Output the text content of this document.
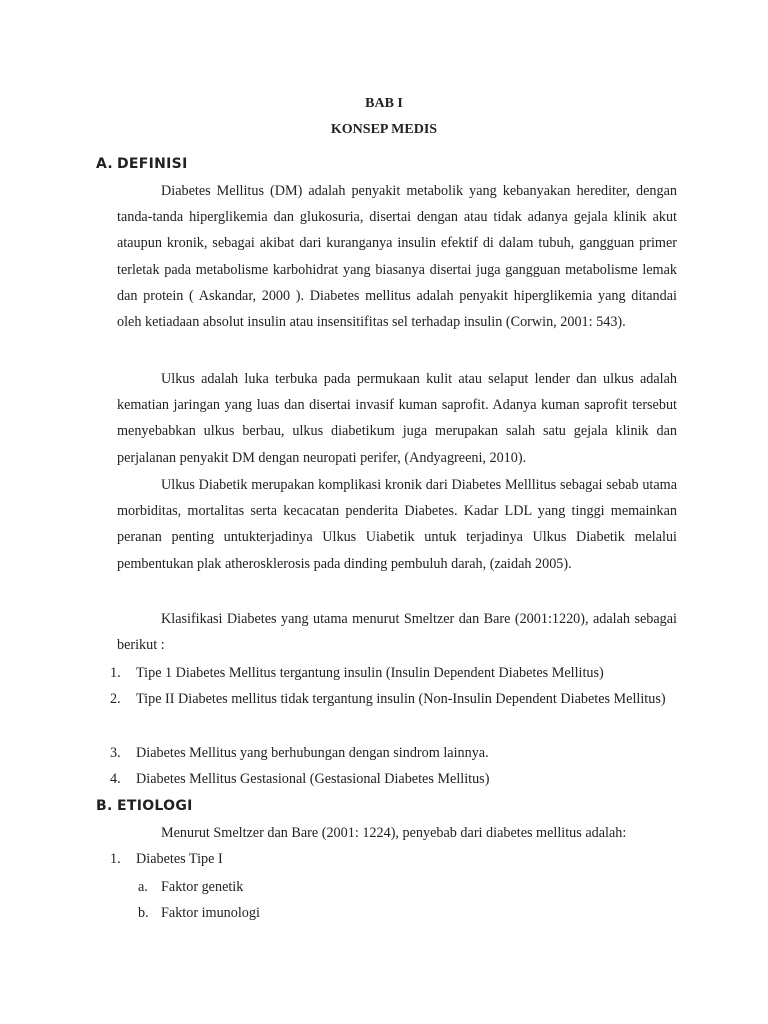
BAB I
KONSEP MEDIS
A. DEFINISI

Diabetes Mellitus (DM) adalah penyakit metabolik yang kebanyakan herediter, dengan tanda-tanda hiperglikemia dan glukosuria, disertai dengan atau tidak adanya gejala klinik akut ataupun kronik, sebagai akibat dari kuranganya insulin efektif di dalam tubuh, gangguan primer terletak pada metabolisme karbohidrat yang biasanya disertai juga gangguan metabolisme lemak dan protein ( Askandar, 2000 ). Diabetes mellitus adalah penyakit hiperglikemia yang ditandai oleh ketiadaan absolut insulin atau insensitifitas sel terhadap insulin (Corwin, 2001: 543).

Ulkus adalah luka terbuka pada permukaan kulit atau selaput lender dan ulkus adalah kematian jaringan yang luas dan disertai invasif kuman saprofit. Adanya kuman saprofit tersebut menyebabkan ulkus berbau, ulkus diabetikum juga merupakan salah satu gejala klinik dan perjalanan penyakit DM dengan neuropati perifer, (Andyagreeni, 2010).

Ulkus Diabetik merupakan komplikasi kronik dari Diabetes Melllitus sebagai sebab utama morbiditas, mortalitas serta kecacatan penderita Diabetes. Kadar LDL yang tinggi memainkan peranan penting untukterjadinya Ulkus Uiabetik untuk terjadinya Ulkus Diabetik melalui pembentukan plak atherosklerosis pada dinding pembuluh darah, (zaidah 2005).

Klasifikasi Diabetes yang utama menurut Smeltzer dan Bare (2001:1220), adalah sebagai berikut :

1. Tipe 1 Diabetes Mellitus tergantung insulin (Insulin Dependent Diabetes Mellitus)
2. Tipe II Diabetes mellitus tidak tergantung insulin (Non-Insulin Dependent Diabetes Mellitus)
3. Diabetes Mellitus yang berhubungan dengan sindrom lainnya.
4. Diabetes Mellitus Gestasional (Gestasional Diabetes Mellitus)
B. ETIOLOGI

Menurut Smeltzer dan Bare (2001: 1224), penyebab dari diabetes mellitus adalah:

1. Diabetes Tipe I
a. Faktor genetik
b. Faktor imunologi
